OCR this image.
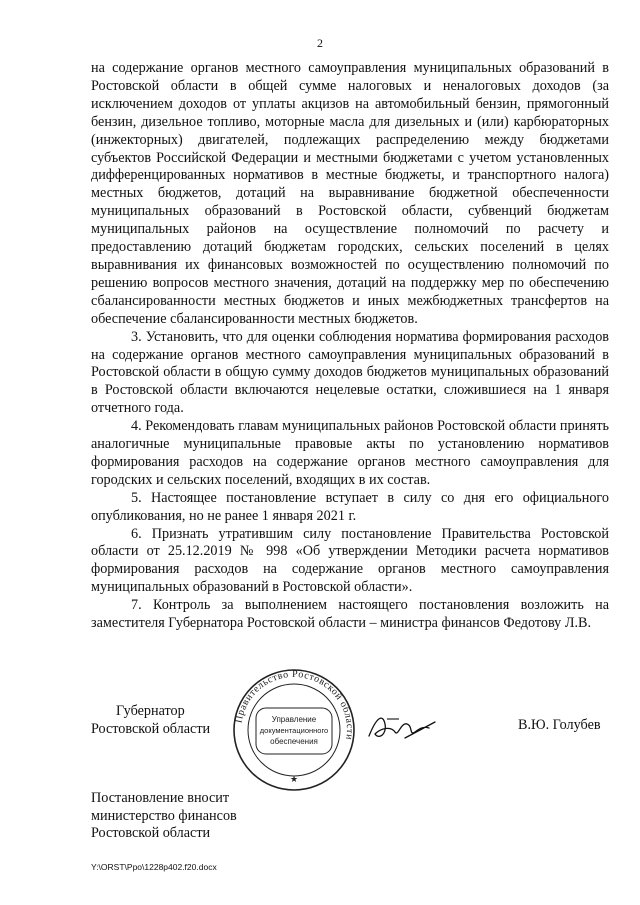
2

на содержание органов местного самоуправления муниципальных образований в Ростовской области в общей сумме налоговых и неналоговых доходов (за исключением доходов от уплаты акцизов на автомобильный бензин, прямогонный бензин, дизельное топливо, моторные масла для дизельных и (или) карбюраторных (инжекторных) двигателей, подлежащих распределению между бюджетами субъектов Российской Федерации и местными бюджетами с учетом установленных дифференцированных нормативов в местные бюджеты, и транспортного налога) местных бюджетов, дотаций на выравнивание бюджетной обеспеченности муниципальных образований в Ростовской области, субвенций бюджетам муниципальных районов на осуществление полномочий по расчету и предоставлению дотаций бюджетам городских, сельских поселений в целях выравнивания их финансовых возможностей по осуществлению полномочий по решению вопросов местного значения, дотаций на поддержку мер по обеспечению сбалансированности местных бюджетов и иных межбюджетных трансфертов на обеспечение сбалансированности местных бюджетов.

3. Установить, что для оценки соблюдения норматива формирования расходов на содержание органов местного самоуправления муниципальных образований в Ростовской области в общую сумму доходов бюджетов муниципальных образований в Ростовской области включаются нецелевые остатки, сложившиеся на 1 января отчетного года.

4. Рекомендовать главам муниципальных районов Ростовской области принять аналогичные муниципальные правовые акты по установлению нормативов формирования расходов на содержание органов местного самоуправления для городских и сельских поселений, входящих в их состав.

5. Настоящее постановление вступает в силу со дня его официального опубликования, но не ранее 1 января 2021 г.

6. Признать утратившим силу постановление Правительства Ростовской области от 25.12.2019 № 998 «Об утверждении Методики расчета нормативов формирования расходов на содержание органов местного самоуправления муниципальных образований в Ростовской области».

7. Контроль за выполнением настоящего постановления возложить на заместителя Губернатора Ростовской области – министра финансов Федотову Л.В.

Губернатор
Ростовской области
Правительство Ростовской области
Управление
документационного
обеспечения
★
В.Ю. Голубев
Постановление вносит
министерство финансов
Ростовской области
Y:\ORST\Ppo\1228p402.f20.docx
